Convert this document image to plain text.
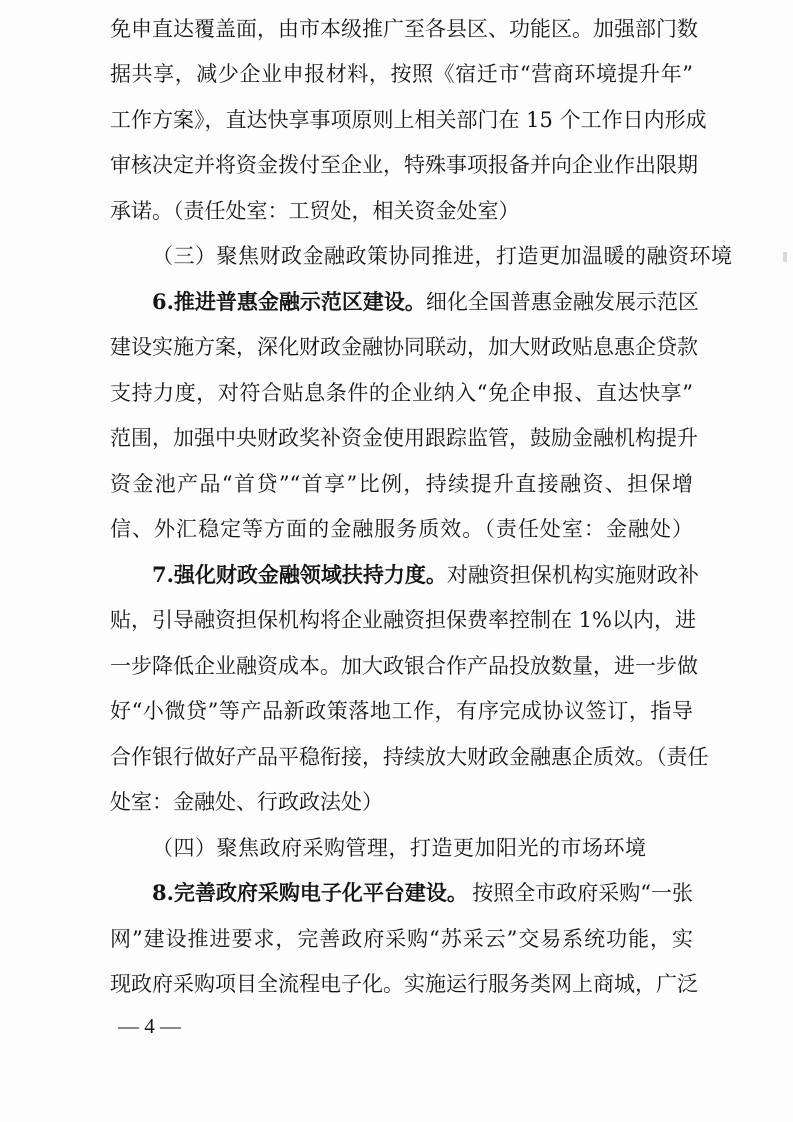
免申直达覆盖面，由市本级推广至各县区、功能区。加强部门数
据共享，减少企业申报材料，按照《宿迁市“营商环境提升年”
工作方案》，直达快享事项原则上相关部门在 15 个工作日内形成
审核决定并将资金拨付至企业，特殊事项报备并向企业作出限期
承诺。（责任处室：工贸处，相关资金处室）
（三）聚焦财政金融政策协同推进，打造更加温暖的融资环境
6.推进普惠金融示范区建设。 细化全国普惠金融发展示范区
建设实施方案，深化财政金融协同联动，加大财政贴息惠企贷款
支持力度，对符合贴息条件的企业纳入“免企申报、直达快享”
范围，加强中央财政奖补资金使用跟踪监管，鼓励金融机构提升
资金池产品“首贷”“首享”比例，持续提升直接融资、担保增
信、外汇稳定等方面的金融服务质效。（责任处室：金融处）
7.强化财政金融领域扶持力度。 对融资担保机构实施财政补
贴，引导融资担保机构将企业融资担保费率控制在 1%以内，进
一步降低企业融资成本。加大政银合作产品投放数量，进一步做
好“小微贷”等产品新政策落地工作，有序完成协议签订，指导
合作银行做好产品平稳衔接，持续放大财政金融惠企质效。（责任
处室：金融处、行政政法处）
（四）聚焦政府采购管理，打造更加阳光的市场环境
8.完善政府采购电子化平台建设。 按照全市政府采购“一张
— 4 —
网”建设推进要求，完善政府采购“苏采云”交易系统功能，实
现政府采购项目全流程电子化。实施运行服务类网上商城，广泛
